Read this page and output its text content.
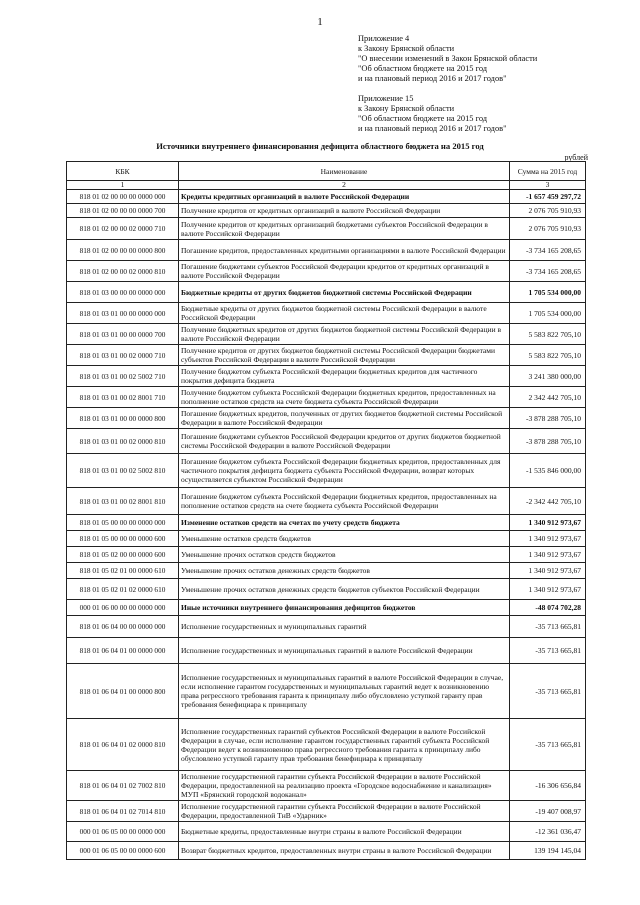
1
Приложение 4
к Закону Брянской области
"О внесении изменений в Закон Брянской области
"Об областном бюджете на 2015 год
и на плановый период 2016 и 2017 годов"
Приложение 15
к Закону Брянской области
"Об областном бюджете на 2015 год
и на плановый период 2016 и 2017 годов"
Источники внутреннего финансирования дефицита областного бюджета на 2015 год
рублей
КБК	Наименование	Сумма на 2015 год
1	2	3
818 01 02 00 00 00 0000 000	Кредиты кредитных организаций в валюте Российской Федерации	-1 657 459 297,72
818 01 02 00 00 00 0000 700	Получение кредитов от кредитных организаций в валюте Российской Федерации	2 076 705 910,93
818 01 02 00 00 02 0000 710	Получение кредитов от кредитных организаций бюджетами субъектов Российской Федерации в валюте Российской Федерации	2 076 705 910,93
818 01 02 00 00 00 0000 800	Погашение кредитов, предоставленных кредитными организациями в валюте Российской Федерации	-3 734 165 208,65
818 01 02 00 00 02 0000 810	Погашение бюджетами субъектов Российской Федерации кредитов от кредитных организаций в валюте Российской Федерации	-3 734 165 208,65
818 01 03 00 00 00 0000 000	Бюджетные кредиты от других бюджетов бюджетной системы Российской Федерации	1 705 534 000,00
818 01 03 01 00 00 0000 000	Бюджетные кредиты от других бюджетов бюджетной системы Российской Федерации в валюте Российской Федерации	1 705 534 000,00
818 01 03 01 00 00 0000 700	Получение бюджетных кредитов от других бюджетов бюджетной системы Российской Федерации в валюте Российской Федерации	5 583 822 705,10
818 01 03 01 00 02 0000 710	Получение кредитов от других бюджетов бюджетной системы Российской Федерации бюджетами субъектов Российской Федерации в валюте Российской Федерации	5 583 822 705,10
818 01 03 01 00 02 5002 710	Получение бюджетом субъекта Российской Федерации бюджетных кредитов для частичного покрытия дефицита бюджета	3 241 380 000,00
818 01 03 01 00 02 8001 710	Получение бюджетом субъекта Российской Федерации бюджетных кредитов, предоставленных на пополнение остатков средств на счете бюджета субъекта Российской Федерации	2 342 442 705,10
818 01 03 01 00 00 0000 800	Погашение бюджетных кредитов, полученных от других бюджетов бюджетной системы Российской Федерации в валюте Российской Федерации	-3 878 288 705,10
818 01 03 01 00 02 0000 810	Погашение бюджетами субъектов Российской Федерации кредитов от других бюджетов бюджетной системы Российской Федерации в валюте Российской Федерации	-3 878 288 705,10
818 01 03 01 00 02 5002 810	Погашение бюджетом субъекта Российской Федерации бюджетных кредитов, предоставленных для частичного покрытия дефицита бюджета субъекта Российской Федерации, возврат которых осуществляется субъектом Российской Федерации	-1 535 846 000,00
818 01 03 01 00 02 8001 810	Погашение бюджетом субъекта Российской Федерации бюджетных кредитов, предоставленных на пополнение остатков средств на счете бюджета субъекта Российской Федерации	-2 342 442 705,10
818 01 05 00 00 00 0000 000	Изменение остатков средств на счетах по учету средств бюджета	1 340 912 973,67
818 01 05 00 00 00 0000 600	Уменьшение остатков средств бюджетов	1 340 912 973,67
818 01 05 02 00 00 0000 600	Уменьшение прочих остатков средств бюджетов	1 340 912 973,67
818 01 05 02 01 00 0000 610	Уменьшение прочих остатков денежных средств бюджетов	1 340 912 973,67
818 01 05 02 01 02 0000 610	Уменьшение прочих остатков денежных средств бюджетов субъектов Российской Федерации	1 340 912 973,67
000 01 06 00 00 00 0000 000	Иные источники внутреннего финансирования дефицитов бюджетов	-48 074 702,28
818 01 06 04 00 00 0000 000	Исполнение государственных и муниципальных гарантий	-35 713 665,81
818 01 06 04 01 00 0000 000	Исполнение государственных и муниципальных гарантий в валюте Российской Федерации	-35 713 665,81
818 01 06 04 01 00 0000 800	Исполнение государственных и муниципальных гарантий в валюте Российской Федерации в случае, если исполнение гарантом государственных и муниципальных гарантий ведет к возникновению права регрессного требования гаранта к принципалу либо обусловлено уступкой гаранту прав требования бенефициара к принципалу	-35 713 665,81
818 01 06 04 01 02 0000 810	Исполнение государственных гарантий субъектов Российской Федерации в валюте Российской Федерации в случае, если исполнение гарантом государственных гарантий субъекта Российской Федерации ведет к возникновению права регрессного требования гаранта к принципалу либо обусловлено уступкой гаранту прав требования бенефициара к принципалу	-35 713 665,81
818 01 06 04 01 02 7002 810	Исполнение государственной гарантии субъекта Российской Федерации в валюте Российской Федерации, предоставленной на реализацию проекта «Городское водоснабжение и канализация» МУП «Брянский городской водоканал»	-16 306 656,84
818 01 06 04 01 02 7014 810	Исполнение государственной гарантии субъекта Российской Федерации в валюте Российской Федерации, предоставленной ТнВ «Ударник»	-19 407 008,97
000 01 06 05 00 00 0000 000	Бюджетные кредиты, предоставленные внутри страны в валюте Российской Федерации	-12 361 036,47
000 01 06 05 00 00 0000 600	Возврат бюджетных кредитов, предоставленных внутри страны в валюте Российской Федерации	139 194 145,04
